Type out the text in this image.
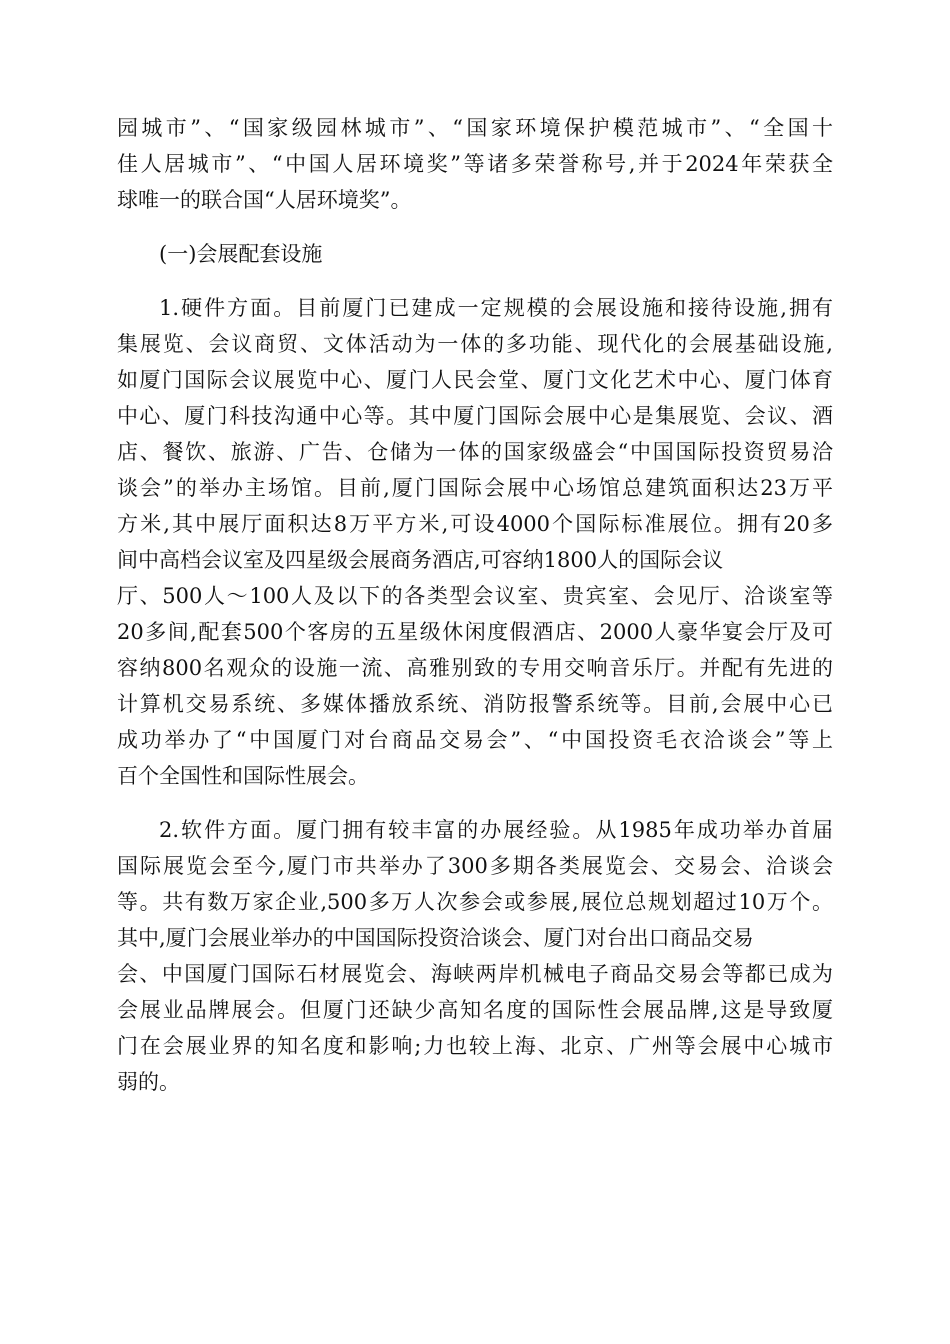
园城市”、“国家级园林城市”、“国家环境保护模范城市”、“全国十
佳人居城市”、“中国人居环境奖”等诸多荣誉称号,并于2024年荣获全
球唯一的联合国“人居环境奖”。
(一)会展配套设施
1.硬件方面。目前厦门已建成一定规模的会展设施和接待设施,拥有
集展览、会议商贸、文体活动为一体的多功能、现代化的会展基础设施,
如厦门国际会议展览中心、厦门人民会堂、厦门文化艺术中心、厦门体育
中心、厦门科技沟通中心等。其中厦门国际会展中心是集展览、会议、酒
店、餐饮、旅游、广告、仓储为一体的国家级盛会“中国国际投资贸易洽
谈会”的举办主场馆。目前,厦门国际会展中心场馆总建筑面积达23万平
方米,其中展厅面积达8万平方米,可设4000个国际标准展位。拥有20多
间中高档会议室及四星级会展商务酒店,可容纳1800人的国际会议
厅、500人～100人及以下的各类型会议室、贵宾室、会见厅、洽谈室等
20多间,配套500个客房的五星级休闲度假酒店、2000人豪华宴会厅及可
容纳800名观众的设施一流、高雅别致的专用交响音乐厅。并配有先进的
计算机交易系统、多媒体播放系统、消防报警系统等。目前,会展中心已
成功举办了“中国厦门对台商品交易会”、“中国投资毛衣洽谈会”等上
百个全国性和国际性展会。
2.软件方面。厦门拥有较丰富的办展经验。从1985年成功举办首届
国际展览会至今,厦门市共举办了300多期各类展览会、交易会、洽谈会
等。共有数万家企业,500多万人次参会或参展,展位总规划超过10万个。
其中,厦门会展业举办的中国国际投资洽谈会、厦门对台出口商品交易
会、中国厦门国际石材展览会、海峡两岸机械电子商品交易会等都已成为
会展业品牌展会。但厦门还缺少高知名度的国际性会展品牌,这是导致厦
门在会展业界的知名度和影响;力也较上海、北京、广州等会展中心城市
弱的。
